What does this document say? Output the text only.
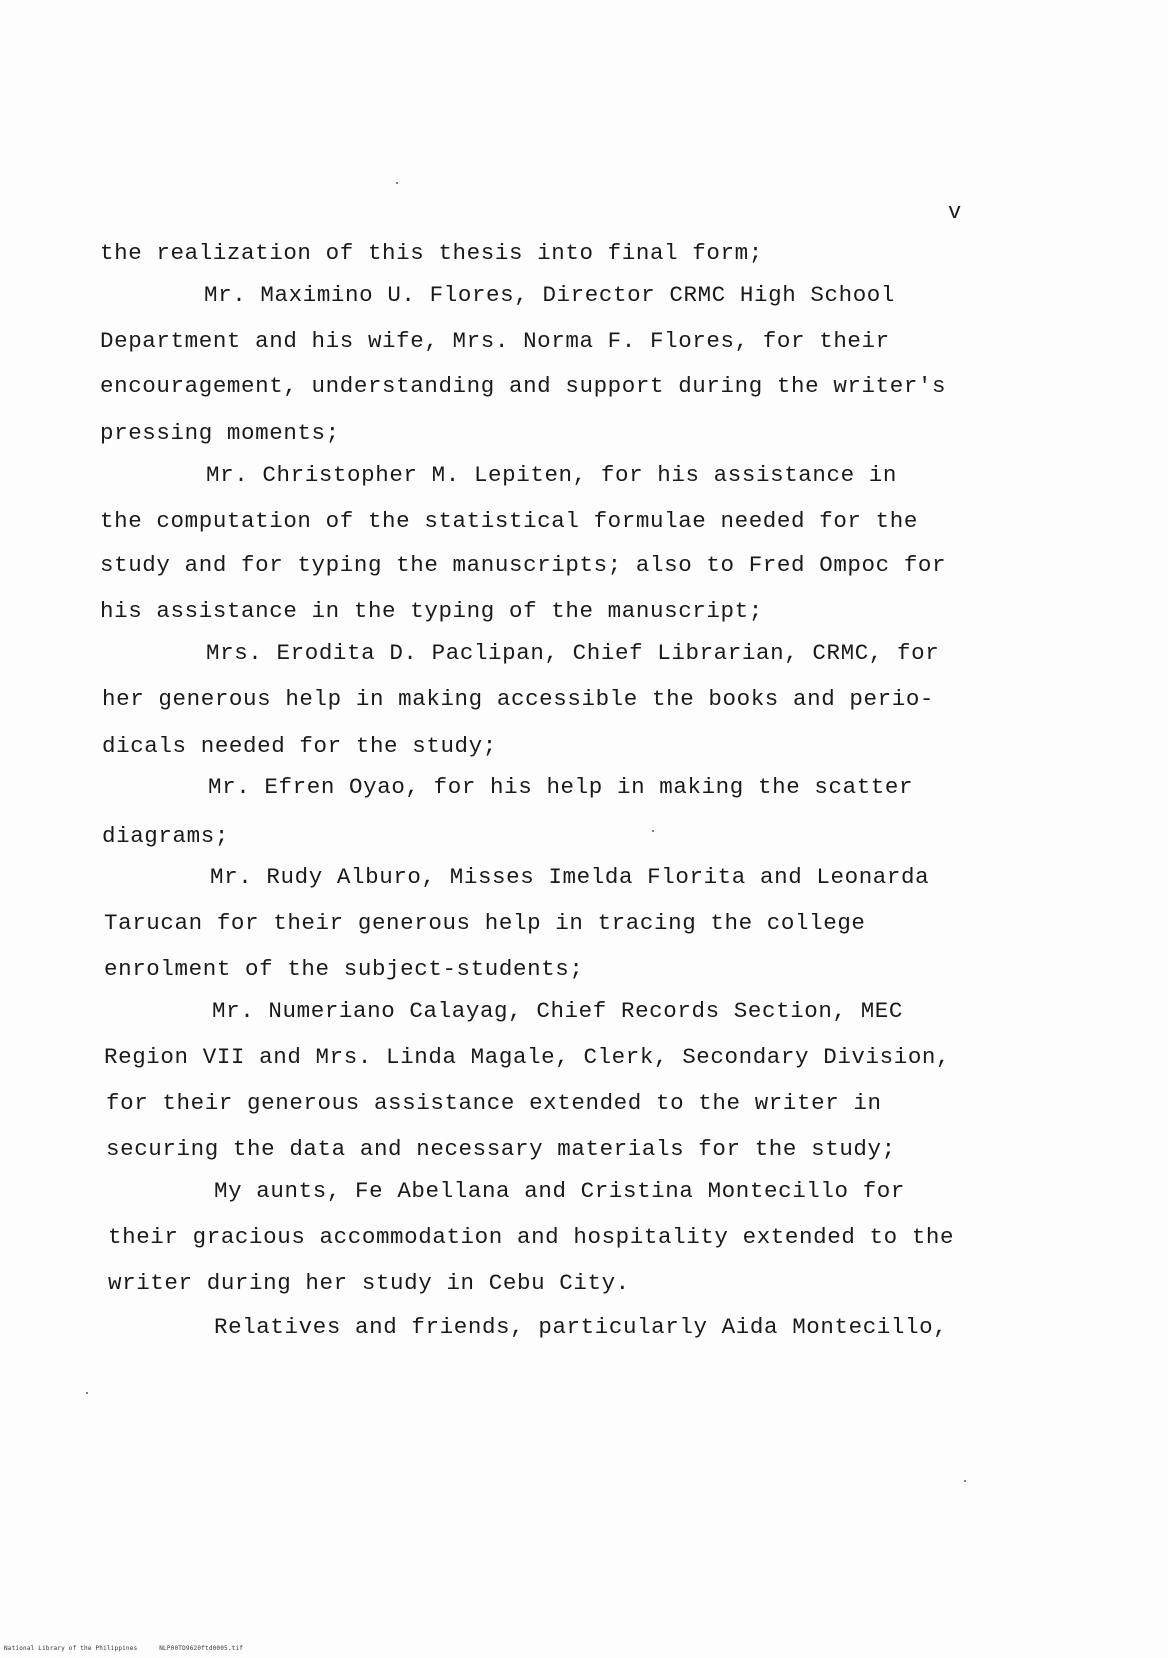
v
the realization of this thesis into final form;
Mr. Maximino U. Flores, Director CRMC High School
Department and his wife, Mrs. Norma F. Flores, for their
encouragement, understanding and support during the writer's
pressing moments;
Mr. Christopher M. Lepiten, for his assistance in
the computation of the statistical formulae needed for the
study and for typing the manuscripts; also to Fred Ompoc for
his assistance in the typing of the manuscript;
Mrs. Erodita D. Paclipan, Chief Librarian, CRMC, for
her generous help in making accessible the books and perio-
dicals needed for the study;
Mr. Efren Oyao, for his help in making the scatter
diagrams;
Mr. Rudy Alburo, Misses Imelda Florita and Leonarda
Tarucan for their generous help in tracing the college
enrolment of the subject-students;
Mr. Numeriano Calayag, Chief Records Section, MEC
Region VII and Mrs. Linda Magale, Clerk, Secondary Division,
for their generous assistance extended to the writer in
securing the data and necessary materials for the study;
My aunts, Fe Abellana and Cristina Montecillo for
their gracious accommodation and hospitality extended to the
writer during her study in Cebu City.
Relatives and friends, particularly Aida Montecillo,
National Library of the Philippines	NLP00TD9620ftd0005.tif
